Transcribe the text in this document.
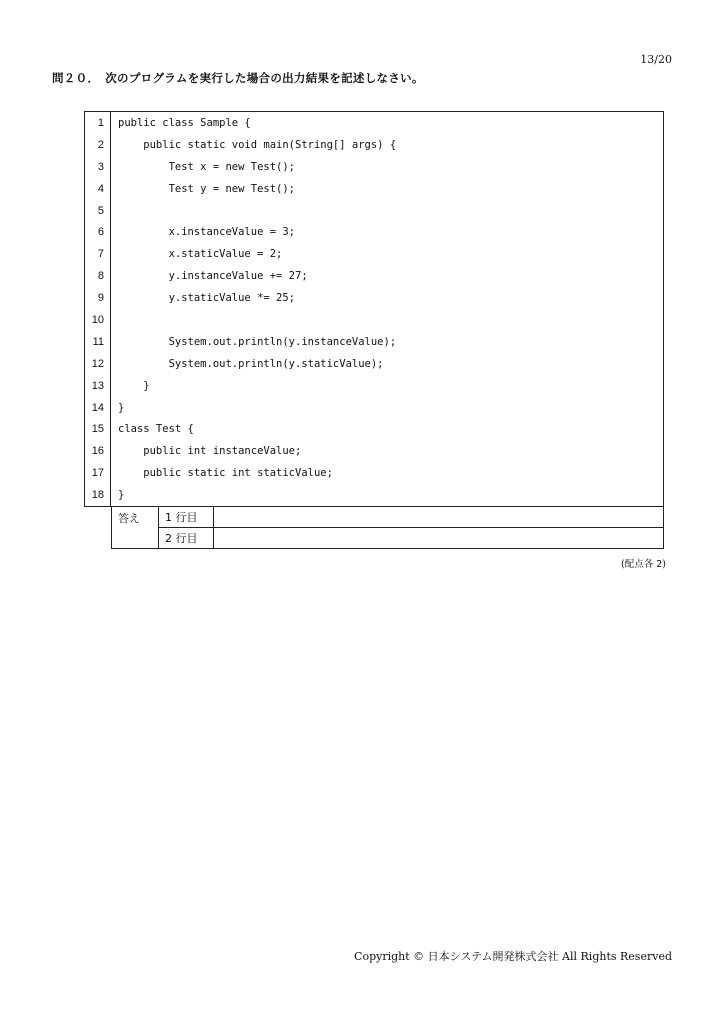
13/20
問２０．　次のプログラムを実行した場合の出力結果を記述しなさい。
1	public class Sample {
2	public static void main(String[] args) {
3	Test x = new Test();
4	Test y = new Test();
5
6	x.instanceValue = 3;
7	x.staticValue = 2;
8	y.instanceValue += 27;
9	y.staticValue *= 25;
10
11	System.out.println(y.instanceValue);
12	System.out.println(y.staticValue);
13	}
14	}
15	class Test {
16	public int instanceValue;
17	public static int staticValue;
18	}
答え	1 行目	
	2 行目	
(配点各 2)
Copyright © 日本システム開発株式会社 All Rights Reserved
